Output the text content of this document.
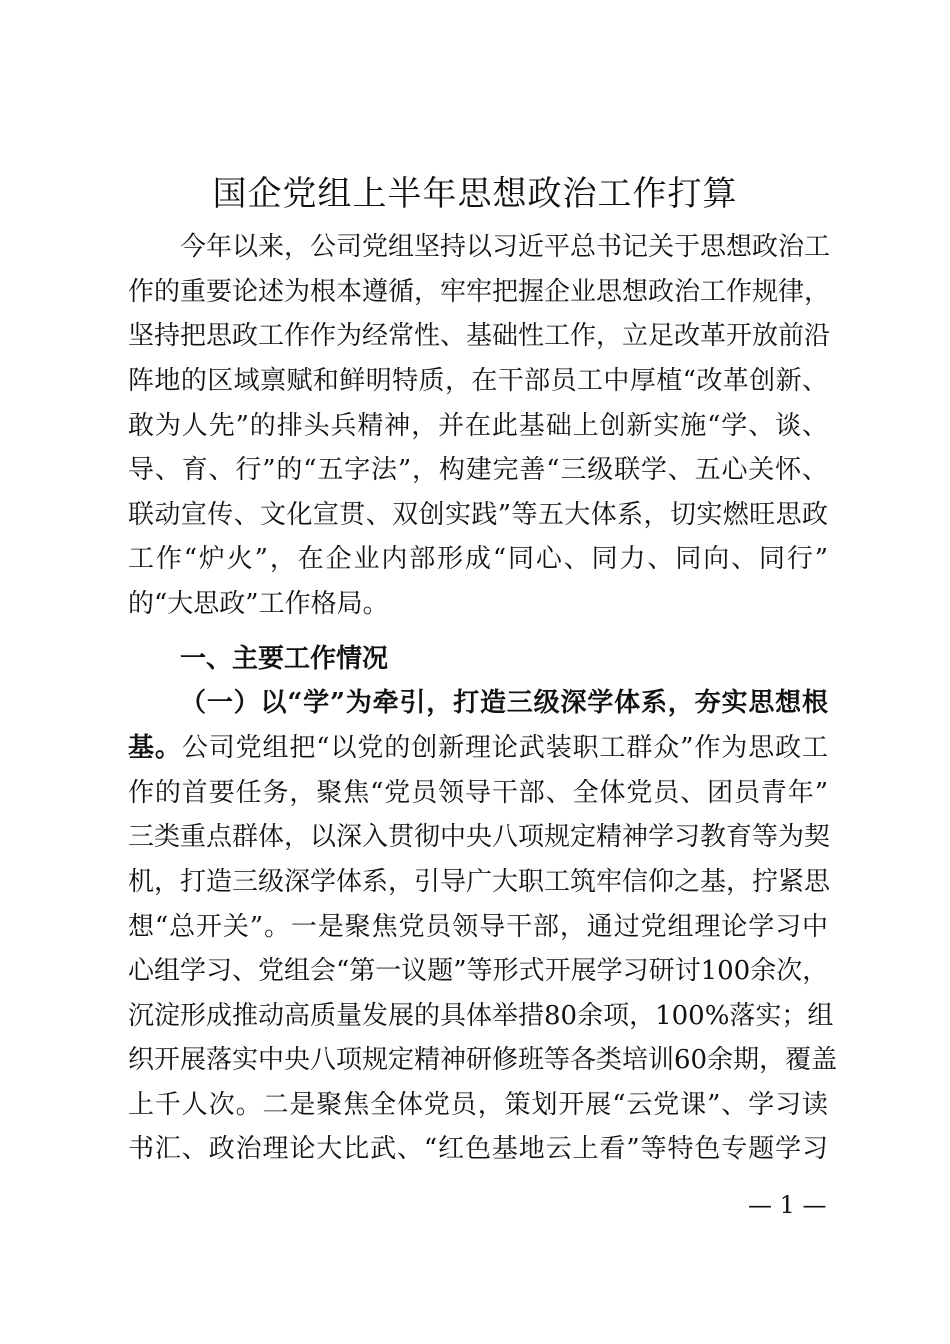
国企党组上半年思想政治工作打算
今年以来，公司党组坚持以习近平总书记关于思想政治工
作的重要论述为根本遵循，牢牢把握企业思想政治工作规律，
坚持把思政工作作为经常性、基础性工作，立足改革开放前沿
阵地的区域禀赋和鲜明特质，在干部员工中厚植“改革创新、
敢为人先”的排头兵精神，并在此基础上创新实施“学、谈、
导、育、行”的“五字法”，构建完善“三级联学、五心关怀、
联动宣传、文化宣贯、双创实践”等五大体系，切实燃旺思政
工作“炉火”，在企业内部形成“同心、同力、同向、同行”
的“大思政”工作格局。
一、主要工作情况
（一）以“学”为牵引，打造三级深学体系，夯实思想根
基。公司党组把“以党的创新理论武装职工群众”作为思政工
作的首要任务，聚焦“党员领导干部、全体党员、团员青年”
三类重点群体，以深入贯彻中央八项规定精神学习教育等为契
机，打造三级深学体系，引导广大职工筑牢信仰之基，拧紧思
想“总开关”。一是聚焦党员领导干部，通过党组理论学习中
心组学习、党组会“第一议题”等形式开展学习研讨100余次，
沉淀形成推动高质量发展的具体举措80余项，100%落实；组
织开展落实中央八项规定精神研修班等各类培训60余期，覆盖
上千人次。二是聚焦全体党员，策划开展“云党课”、学习读
书汇、政治理论大比武、“红色基地云上看”等特色专题学习
— 1 —
